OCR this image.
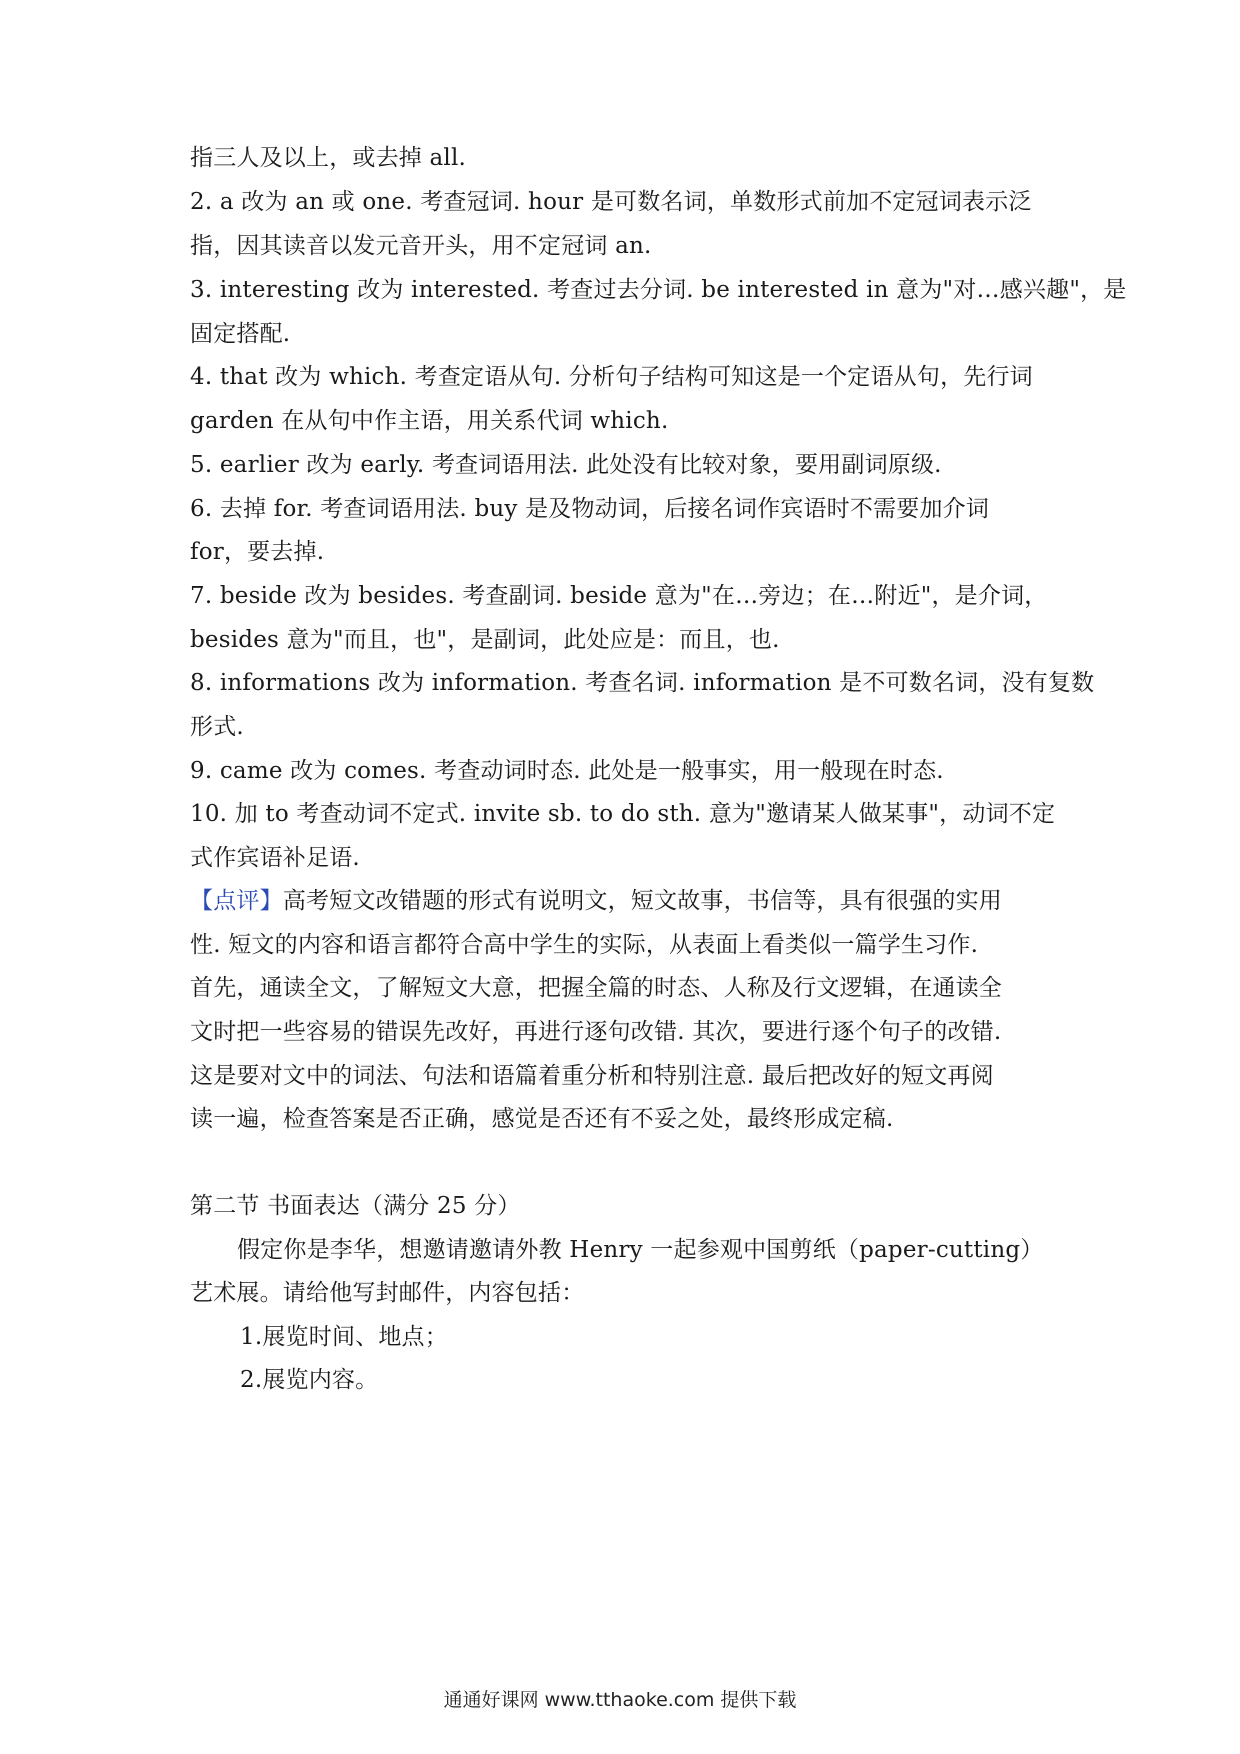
指三人及以上，或去掉 all.
2. a 改为 an 或 one. 考查冠词. hour 是可数名词，单数形式前加不定冠词表示泛
指，因其读音以发元音开头，用不定冠词 an.
3. interesting 改为 interested. 考查过去分词. be interested in 意为"对…感兴趣"，是
固定搭配.
4. that 改为 which. 考查定语从句. 分析句子结构可知这是一个定语从句，先行词
garden 在从句中作主语，用关系代词 which.
5. earlier 改为 early. 考查词语用法. 此处没有比较对象，要用副词原级.
6. 去掉 for. 考查词语用法. buy 是及物动词，后接名词作宾语时不需要加介词
for，要去掉.
7. beside 改为 besides. 考查副词. beside 意为"在…旁边；在…附近"，是介词，
besides 意为"而且，也"，是副词，此处应是：而且，也.
8. informations 改为 information. 考查名词. information 是不可数名词，没有复数
形式.
9. came 改为 comes. 考查动词时态. 此处是一般事实，用一般现在时态.
10. 加 to 考查动词不定式. invite sb. to do sth. 意为"邀请某人做某事"，动词不定
式作宾语补足语.
【点评】高考短文改错题的形式有说明文，短文故事，书信等，具有很强的实用
性. 短文的内容和语言都符合高中学生的实际，从表面上看类似一篇学生习作.
首先，通读全文，了解短文大意，把握全篇的时态、人称及行文逻辑，在通读全
文时把一些容易的错误先改好，再进行逐句改错. 其次，要进行逐个句子的改错.
这是要对文中的词法、句法和语篇着重分析和特别注意. 最后把改好的短文再阅
读一遍，检查答案是否正确，感觉是否还有不妥之处，最终形成定稿.
第二节 书面表达（满分 25 分）
假定你是李华，想邀请邀请外教 Henry 一起参观中国剪纸（paper-cutting）
艺术展。请给他写封邮件，内容包括：
1.展览时间、地点；
2.展览内容。
通通好课网 www.tthaoke.com 提供下载
